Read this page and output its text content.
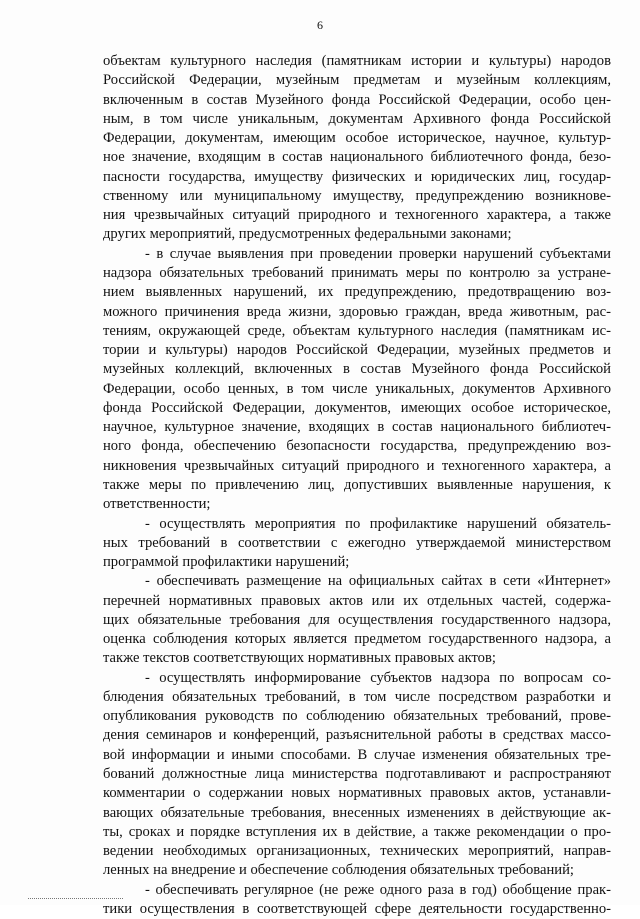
6
объектам культурного наследия (памятникам истории и культуры) народов
Российской Федерации, музейным предметам и музейным коллекциям,
включенным в состав Музейного фонда Российской Федерации, особо цен-
ным, в том числе уникальным, документам Архивного фонда Российской
Федерации, документам, имеющим особое историческое, научное, культур-
ное значение, входящим в состав национального библиотечного фонда, безо-
пасности государства, имуществу физических и юридических лиц, государ-
ственному или муниципальному имуществу, предупреждению возникнове-
ния чрезвычайных ситуаций природного и техногенного характера, а также
других мероприятий, предусмотренных федеральными законами;
- в случае выявления при проведении проверки нарушений субъектами
надзора обязательных требований принимать меры по контролю за устране-
нием выявленных нарушений, их предупреждению, предотвращению воз-
можного причинения вреда жизни, здоровью граждан, вреда животным, рас-
тениям, окружающей среде, объектам культурного наследия (памятникам ис-
тории и культуры) народов Российской Федерации, музейных предметов и
музейных коллекций, включенных в состав Музейного фонда Российской
Федерации, особо ценных, в том числе уникальных, документов Архивного
фонда Российской Федерации, документов, имеющих особое историческое,
научное, культурное значение, входящих в состав национального библиотеч-
ного фонда, обеспечению безопасности государства, предупреждению воз-
никновения чрезвычайных ситуаций природного и техногенного характера, а
также меры по привлечению лиц, допустивших выявленные нарушения, к
ответственности;
- осуществлять мероприятия по профилактике нарушений обязатель-
ных требований в соответствии с ежегодно утверждаемой министерством
программой профилактики нарушений;
- обеспечивать размещение на официальных сайтах в сети «Интернет»
перечней нормативных правовых актов или их отдельных частей, содержа-
щих обязательные требования для осуществления государственного надзора,
оценка соблюдения которых является предметом государственного надзора, а
также текстов соответствующих нормативных правовых актов;
- осуществлять информирование субъектов надзора по вопросам со-
блюдения обязательных требований, в том числе посредством разработки и
опубликования руководств по соблюдению обязательных требований, прове-
дения семинаров и конференций, разъяснительной работы в средствах массо-
вой информации и иными способами. В случае изменения обязательных тре-
бований должностные лица министерства подготавливают и распространяют
комментарии о содержании новых нормативных правовых актов, устанавли-
вающих обязательные требования, внесенных изменениях в действующие ак-
ты, сроках и порядке вступления их в действие, а также рекомендации о про-
ведении необходимых организационных, технических мероприятий, направ-
ленных на внедрение и обеспечение соблюдения обязательных требований;
- обеспечивать регулярное (не реже одного раза в год) обобщение прак-
тики осуществления в соответствующей сфере деятельности государственно-
